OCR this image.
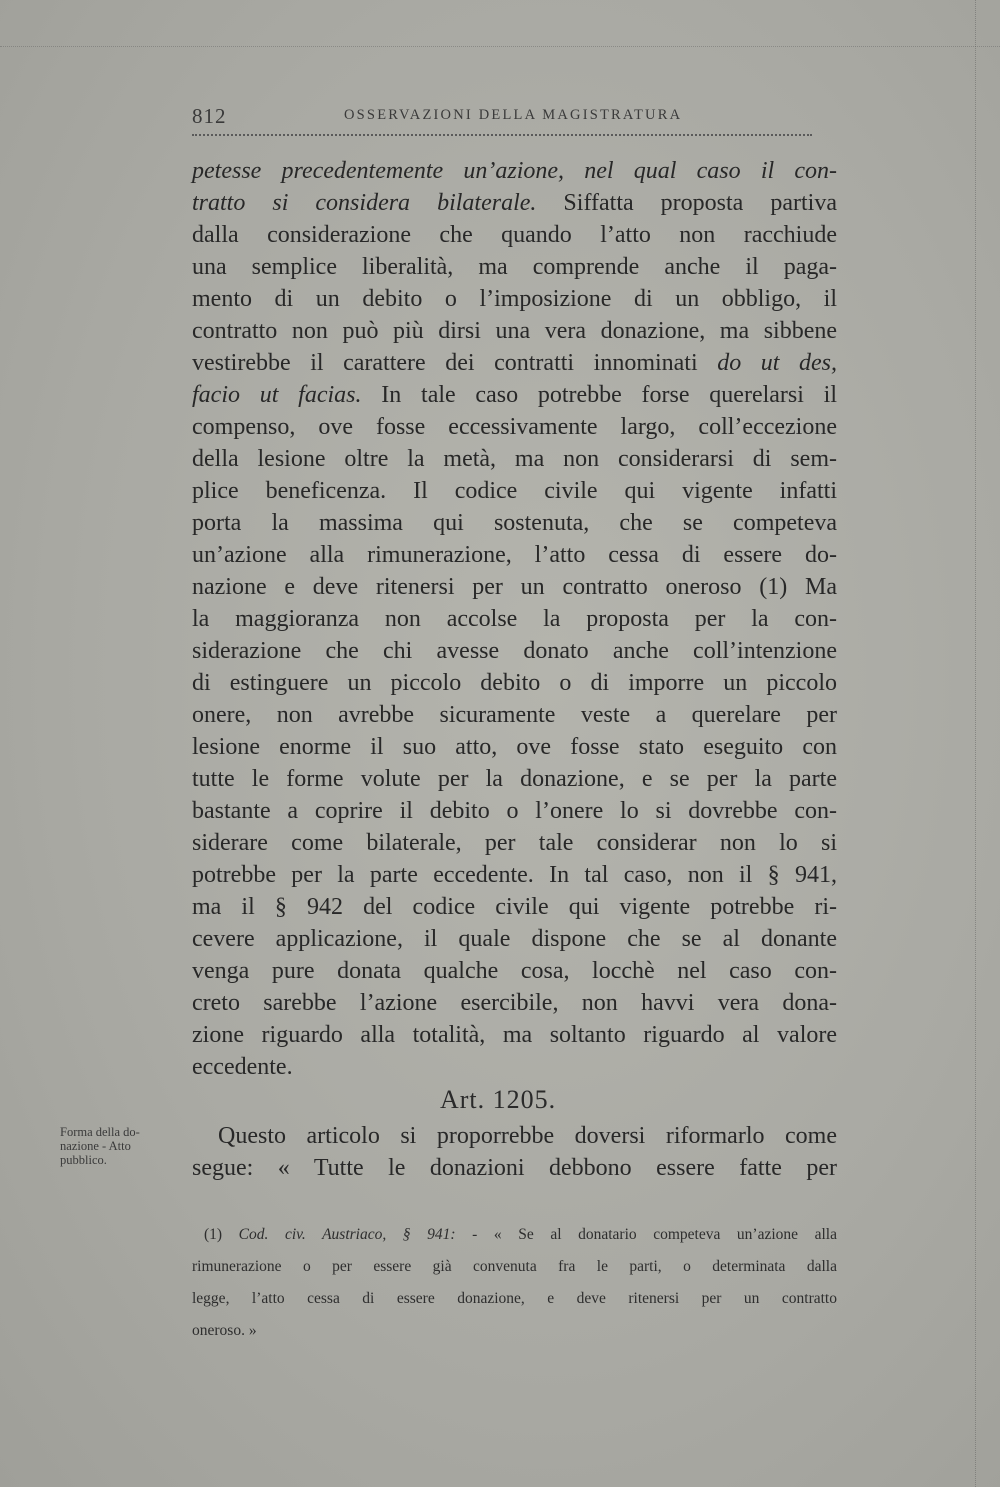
812	OSSERVAZIONI DELLA MAGISTRATURA
petesse precedentemente un’azione, nel qual caso il con-
tratto si considera bilaterale. Siffatta proposta partiva
dalla considerazione che quando l’atto non racchiude
una semplice liberalità, ma comprende anche il paga-
mento di un debito o l’imposizione di un obbligo, il
contratto non può più dirsi una vera donazione, ma sibbene
vestirebbe il carattere dei contratti innominati do ut des,
facio ut facias. In tale caso potrebbe forse querelarsi il
compenso, ove fosse eccessivamente largo, coll’eccezione
della lesione oltre la metà, ma non considerarsi di sem-
plice beneficenza. Il codice civile qui vigente infatti
porta la massima qui sostenuta, che se competeva
un’azione alla rimunerazione, l’atto cessa di essere do-
nazione e deve ritenersi per un contratto oneroso (1) Ma
la maggioranza non accolse la proposta per la con-
siderazione che chi avesse donato anche coll’intenzione
di estinguere un piccolo debito o di imporre un piccolo
onere, non avrebbe sicuramente veste a querelare per
lesione enorme il suo atto, ove fosse stato eseguito con
tutte le forme volute per la donazione, e se per la parte
bastante a coprire il debito o l’onere lo si dovrebbe con-
siderare come bilaterale, per tale considerar non lo si
potrebbe per la parte eccedente. In tal caso, non il § 941,
ma il § 942 del codice civile qui vigente potrebbe ri-
cevere applicazione, il quale dispone che se al donante
venga pure donata qualche cosa, locchè nel caso con-
creto sarebbe l’azione esercibile, non havvi vera dona-
zione riguardo alla totalità, ma soltanto riguardo al valore
eccedente.
Art. 1205.
Questo articolo si proporrebbe doversi riformarlo come
segue: « Tutte le donazioni debbono essere fatte per
Forma della do-
nazione - Atto
pubblico.
(1) Cod. civ. Austriaco, § 941: - « Se al donatario competeva un’azione alla
rimunerazione o per essere già convenuta fra le parti, o determinata dalla
legge, l’atto cessa di essere donazione, e deve ritenersi per un contratto
oneroso. »
